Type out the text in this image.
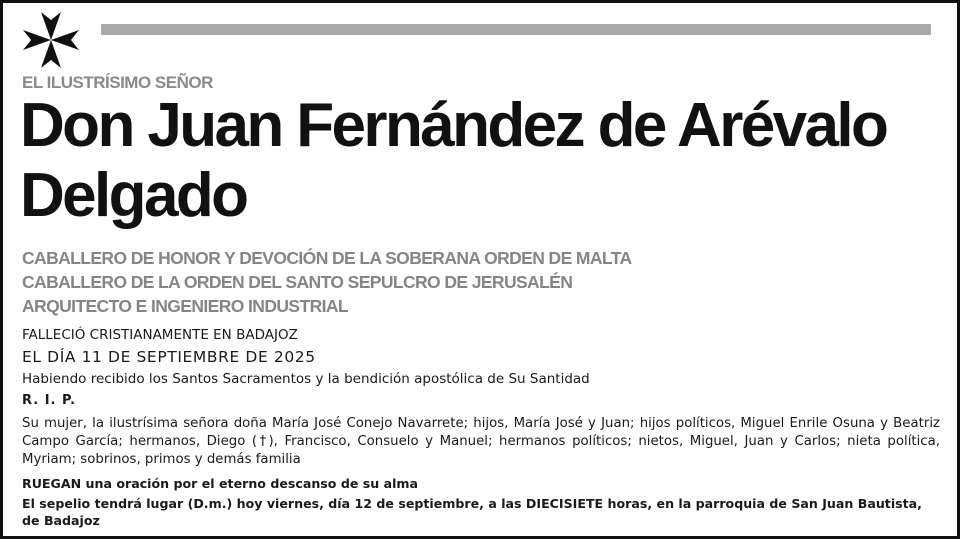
EL ILUSTRÍSIMO SEÑOR

Don Juan Fernández de Arévalo Delgado
CABALLERO DE HONOR Y DEVOCIÓN DE LA SOBERANA ORDEN DE MALTA
CABALLERO DE LA ORDEN DEL SANTO SEPULCRO DE JERUSALÉN
ARQUITECTO E INGENIERO INDUSTRIAL

FALLECIÓ CRISTIANAMENTE EN BADAJOZ

EL DÍA 11 DE SEPTIEMBRE DE 2025

Habiendo recibido los Santos Sacramentos y la bendición apostólica de Su Santidad

R. I. P.

Su mujer, la ilustrísima señora doña María José Conejo Navarrete; hijos, María José y Juan; hijos políticos, Miguel Enrile Osuna y Beatriz Campo García; hermanos, Diego (†), Francisco, Consuelo y Manuel; hermanos políticos; nietos, Miguel, Juan y Carlos; nieta política, Myriam; sobrinos, primos y demás familia

RUEGAN una oración por el eterno descanso de su alma

El sepelio tendrá lugar (D.m.) hoy viernes, día 12 de septiembre, a las DIECISIETE horas, en la parroquia de San Juan Bautista, de Badajoz
